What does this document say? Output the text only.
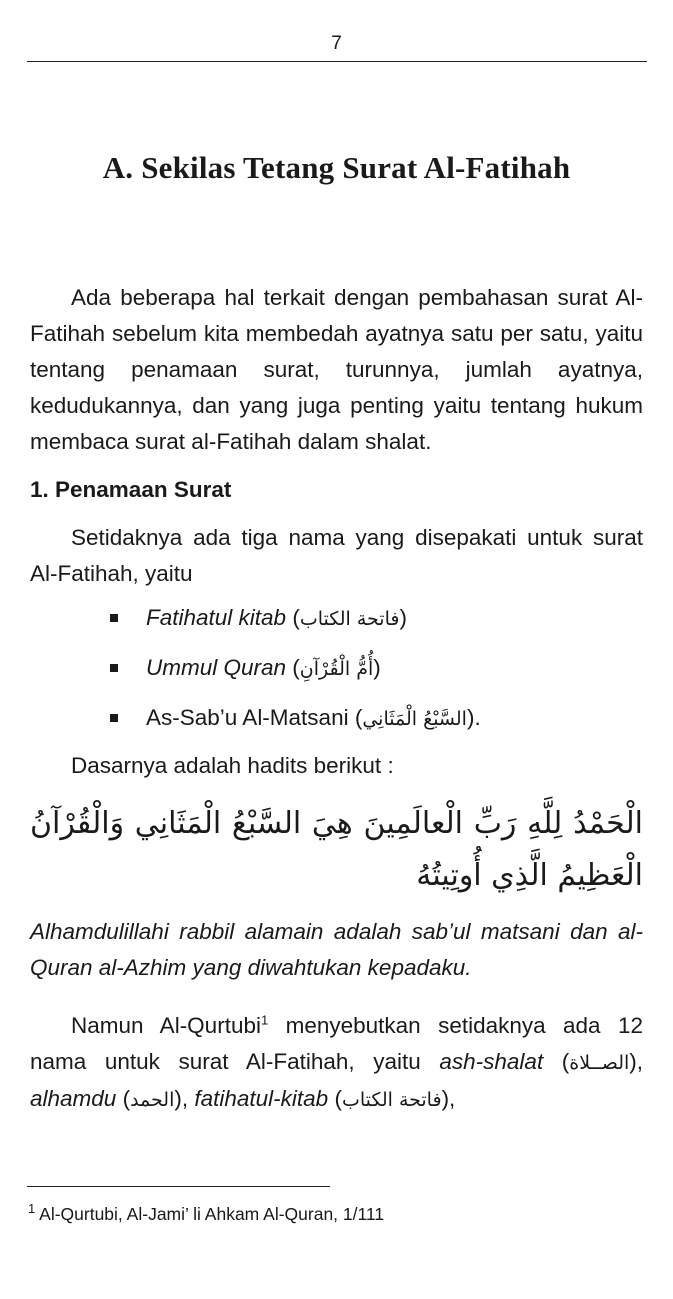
7
A. Sekilas Tetang Surat Al-Fatihah

Ada beberapa hal terkait dengan pembahasan surat Al-Fatihah sebelum kita membedah ayatnya satu per satu, yaitu tentang penamaan surat, turunnya, jumlah ayatnya, kedudukannya, dan yang juga penting yaitu tentang hukum membaca surat al-Fatihah dalam shalat.

1. Penamaan Surat

Setidaknya ada tiga nama yang disepakati untuk surat Al-Fatihah, yaitu

Fatihatul kitab (فاتحة الكتاب)
Ummul Quran (أُمُّ الْقُرْآنِ)
As-Sab’u Al-Matsani (السَّبْعُ الْمَثَانِي).

Dasarnya adalah hadits berikut :

الْحَمْدُ لِلَّهِ رَبِّ الْعالَمِينَ هِيَ السَّبْعُ الْمَثَانِي وَالْقُرْآنُ الْعَظِيمُ الَّذِي أُوتِيتُهُ

Alhamdulillahi rabbil alamain adalah sab’ul matsani dan al-Quran al-Azhim yang diwahtukan kepadaku.

Namun Al-Qurtubi$^1$ menyebutkan setidaknya ada 12 nama untuk surat Al-Fatihah, yaitu ash-shalat (الصــلاة), alhamdu (الحمد), fatihatul-kitab (فاتحة الكتاب),

$^1$ Al-Qurtubi, Al-Jami’ li Ahkam Al-Quran, 1/111
